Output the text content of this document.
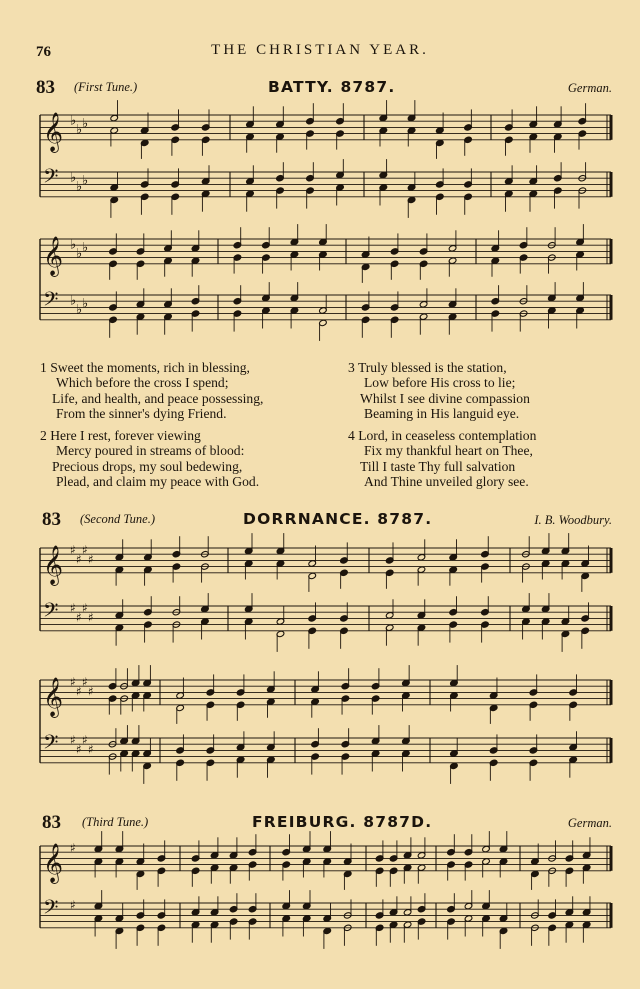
76	THE CHRISTIAN YEAR.
83 (First Tune.)	BATTY. 8787.	German.
83 (Second Tune.)	DORRNANCE. 8787.	I. B. Woodbury.
83 (Third Tune.)	FREIBURG. 8787D.	German.
1 Sweet the moments, rich in blessing,
Which before the cross I spend;
Life, and health, and peace possessing,
From the sinner's dying Friend.
2 Here I rest, forever viewing
Mercy poured in streams of blood:
Precious drops, my soul bedewing,
Plead, and claim my peace with God.
3 Truly blessed is the station,
Low before His cross to lie;
Whilst I see divine compassion
Beaming in His languid eye.
4 Lord, in ceaseless contemplation
Fix my thankful heart on Thee,
Till I taste Thy full salvation
And Thine unveiled glory see.
𝄞 ♭
♭ ♭
𝄢 ♭
♭ ♭
𝄞 ♭
♭ ♭
𝄢 ♭
♭ ♭
𝄞 ♯
♯
♯
♯
𝄢 ♯
♯
♯
♯
𝄞 ♯
♯
♯
♯
𝄢 ♯
♯
♯
♯
𝄞 ♯
𝄢 ♯
